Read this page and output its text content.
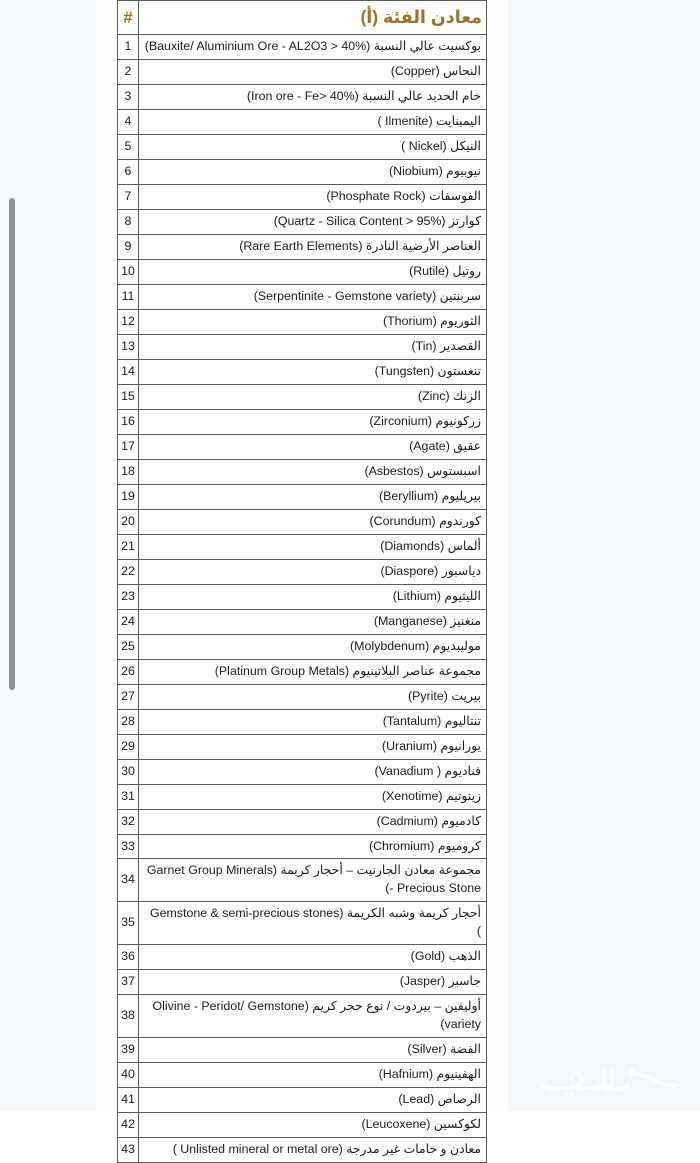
معادن الفئة (أ)	#
بوكسيت عالي النسبة (Bauxite/ Aluminium Ore - AL2O3 > 40%)	1
النحاس (Copper)	2
خام الحديد عالي النسبة (Iron ore - Fe> 40%)	3
اليمينايت (Ilmenite )	4
النيكل (Nickel )	5
نيوبيوم (Niobium)	6
الفوسفات (Phosphate Rock)	7
كوارتز (Quartz - Silica Content > 95%)	8
العناصر الأرضية النادرة (Rare Earth Elements)	9
روتيل (Rutile)	10
سربنتين (Serpentinite - Gemstone variety)	11
الثوريوم (Thorium)	12
القصدير (Tin)	13
تنغستون (Tungsten)	14
الزنك (Zinc)	15
زركونيوم (Zirconium)	16
عقيق (Agate)	17
اسبستوس (Asbestos)	18
بيريليوم (Beryllium)	19
كورندوم (Corundum)	20
ألماس (Diamonds)	21
دياسبور (Diaspore)	22
الليثيوم (Lithium)	23
منغنيز (Manganese)	24
موليبديوم (Molybdenum)	25
مجموعة عناصر البلاتينيوم (Platinum Group Metals)	26
بيريت (Pyrite)	27
تنتاليوم (Tantalum)	28
يورانيوم (Uranium)	29
فناديوم ( Vanadium)	30
زينوتيم (Xenotime)	31
كادميوم (Cadmium)	32
كروميوم (Chromium)	33
مجموعة معادن الجارنيت – أحجار كريمة (Garnet Group Minerals - Precious Stone)	34
أحجار كريمة وشبه الكريمة (Gemstone & semi-precious stones )	35
الذهب (Gold)	36
جاسبر (Jasper)	37
أوليفين – بيردوت / نوع حجر كريم (Olivine - Peridot/ Gemstone variety)	38
الفضة (Silver)	39
الهفينيوم (Hafnium)	40
الرصاص (Lead)	41
لكوكسين (Leucoxene)	42
معادن و خامات غير مدرجة (Unlisted mineral or metal ore )	43
